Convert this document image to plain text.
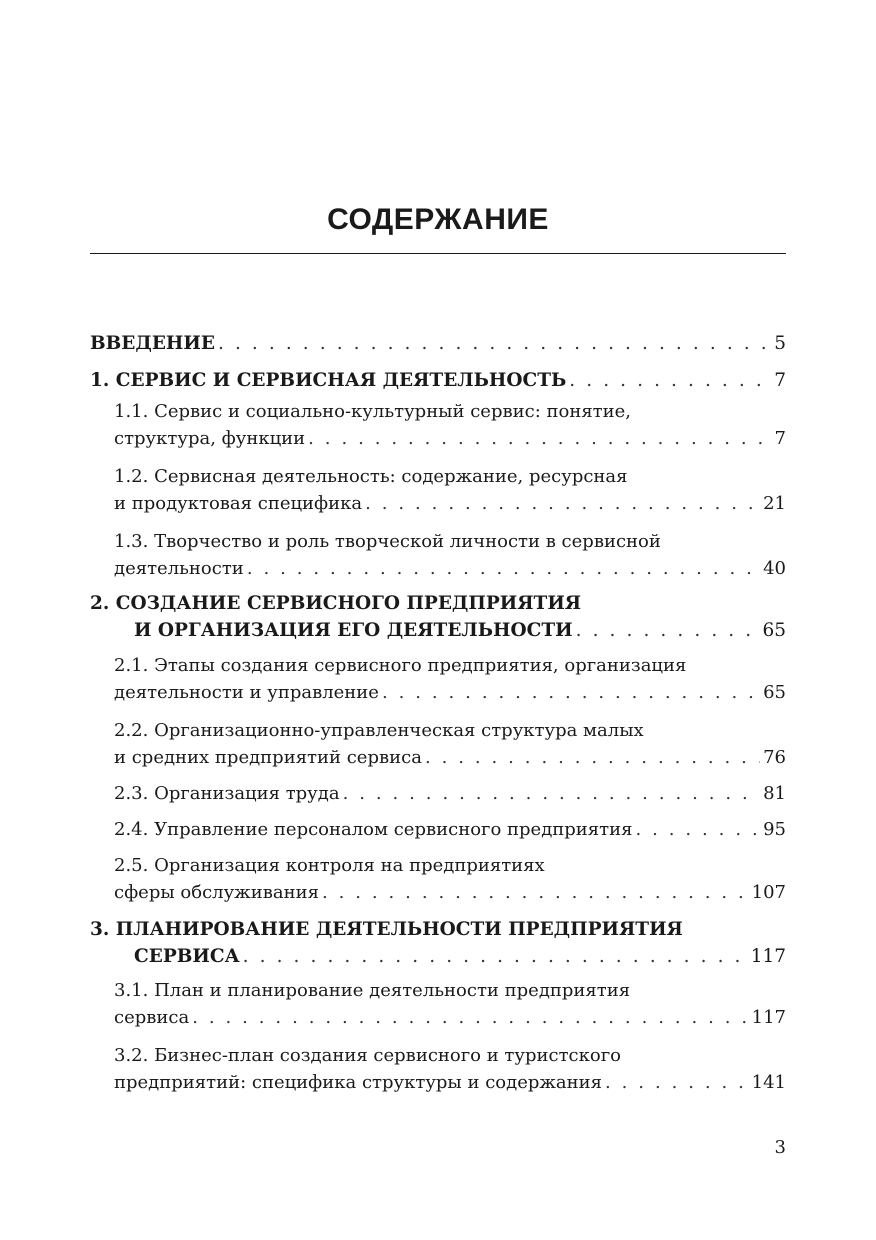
СОДЕРЖАНИЕ
ВВЕДЕНИЕ . . .	5
1. СЕРВИС И СЕРВИСНАЯ ДЕЯТЕЛЬНОСТЬ . . .	7
1.1. Сервис и социально-культурный сервис: понятие,
структура, функции . . .	7
1.2. Сервисная деятельность: содержание, ресурсная
и продуктовая специфика . . .	21
1.3. Творчество и роль творческой личности в сервисной
деятельности . . .	40
2. СОЗДАНИЕ СЕРВИСНОГО ПРЕДПРИЯТИЯ
И ОРГАНИЗАЦИЯ ЕГО ДЕЯТЕЛЬНОСТИ . . .	65
2.1. Этапы создания сервисного предприятия, организация
деятельности и управление . . .	65
2.2. Организационно-управленческая структура малых
и средних предприятий сервиса . . .	76
2.3. Организация труда . . .	81
2.4. Управление персоналом сервисного предприятия . . .	95
2.5. Организация контроля на предприятиях
сферы обслуживания . . .	107
3. ПЛАНИРОВАНИЕ ДЕЯТЕЛЬНОСТИ ПРЕДПРИЯТИЯ
СЕРВИСА . . .	117
3.1. План и планирование деятельности предприятия
сервиса . . .	117
3.2. Бизнес-план создания сервисного и туристского
предприятий: специфика структуры и содержания . . .	141
3
